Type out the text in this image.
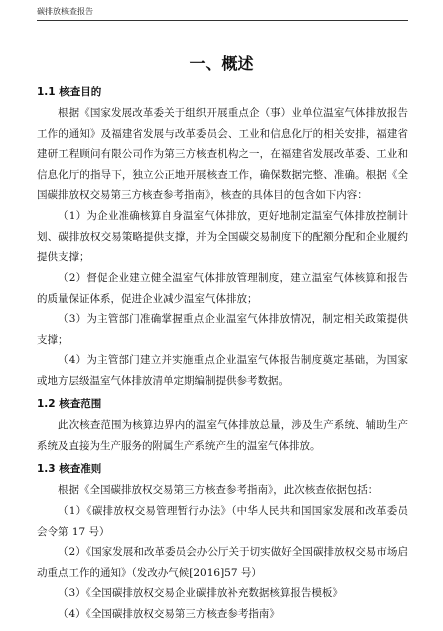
碳排放核查报告
一、概述
1.1 核查目的

根据《国家发展改革委关于组织开展重点企（事）业单位温室气体排放报告工作的通知》及福建省发展与改革委员会、工业和信息化厅的相关安排，福建省建研工程顾问有限公司作为第三方核查机构之一，在福建省发展改革委、工业和信息化厅的指导下，独立公正地开展核查工作，确保数据完整、准确。根据《全国碳排放权交易第三方核查参考指南》，核查的具体目的包含如下内容：

（1）为企业准确核算自身温室气体排放，更好地制定温室气体排放控制计划、碳排放权交易策略提供支撑，并为全国碳交易制度下的配额分配和企业履约提供支撑；

（2）督促企业建立健全温室气体排放管理制度，建立温室气体核算和报告的质量保证体系，促进企业减少温室气体排放；

（3）为主管部门准确掌握重点企业温室气体排放情况，制定相关政策提供支撑；

（4）为主管部门建立并实施重点企业温室气体报告制度奠定基础，为国家或地方层级温室气体排放清单定期编制提供参考数据。

1.2 核查范围

此次核查范围为核算边界内的温室气体排放总量，涉及生产系统、辅助生产系统及直接为生产服务的附属生产系统产生的温室气体排放。

1.3 核查准则

根据《全国碳排放权交易第三方核查参考指南》，此次核查依据包括：

（1）《碳排放权交易管理暂行办法》（中华人民共和国国家发展和改革委员会令第 17 号）

（2）《国家发展和改革委员会办公厅关于切实做好全国碳排放权交易市场启动重点工作的通知》（发改办气候[2016]57 号）

（3）《全国碳排放权交易企业碳排放补充数据核算报告模板》

（4）《全国碳排放权交易第三方核查参考指南》
